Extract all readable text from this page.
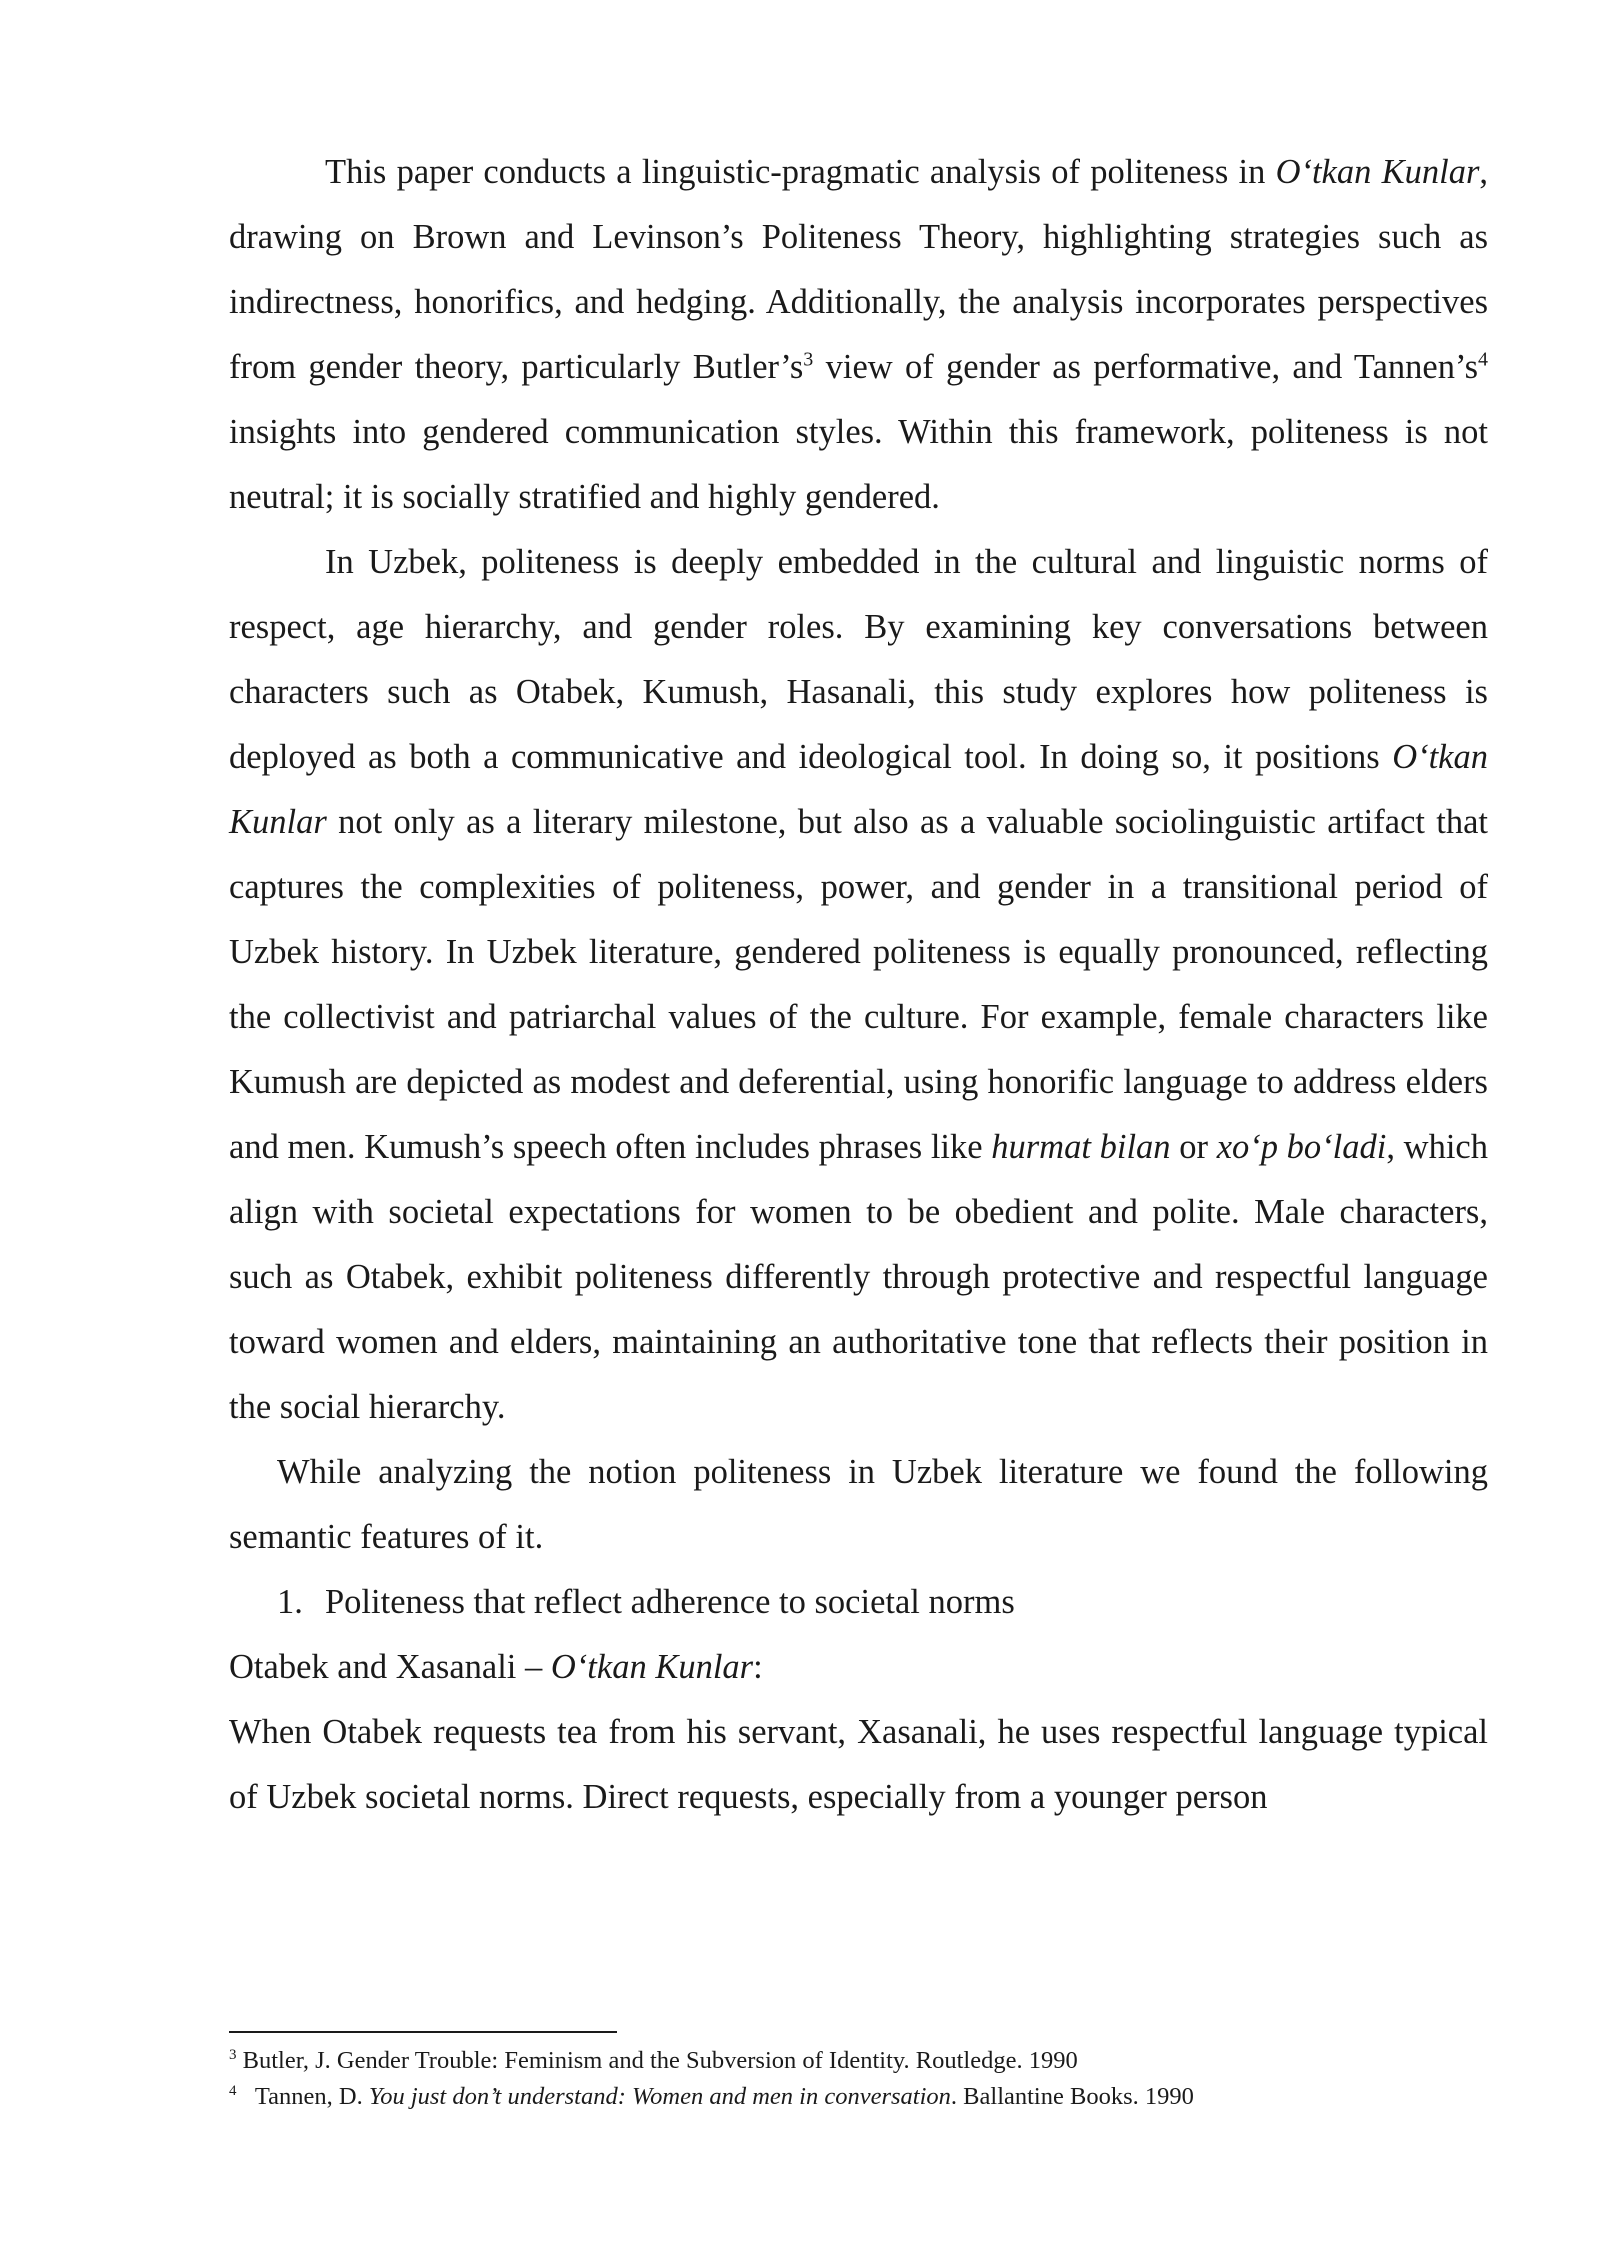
This paper conducts a linguistic-pragmatic analysis of politeness in O‘tkan Kunlar, drawing on Brown and Levinson’s Politeness Theory, highlighting strategies such as indirectness, honorifics, and hedging. Additionally, the analysis incorporates perspectives from gender theory, particularly Butler’s$^3$ view of gender as performative, and Tannen’s$^4$ insights into gendered communication styles. Within this framework, politeness is not neutral; it is socially stratified and highly gendered.

In Uzbek, politeness is deeply embedded in the cultural and linguistic norms of respect, age hierarchy, and gender roles. By examining key conversations between characters such as Otabek, Kumush, Hasanali, this study explores how politeness is deployed as both a communicative and ideological tool. In doing so, it positions O‘tkan Kunlar not only as a literary milestone, but also as a valuable sociolinguistic artifact that captures the complexities of politeness, power, and gender in a transitional period of Uzbek history. In Uzbek literature, gendered politeness is equally pronounced, reflecting the collectivist and patriarchal values of the culture. For example, female characters like Kumush are depicted as modest and deferential, using honorific language to address elders and men. Kumush’s speech often includes phrases like hurmat bilan or xo‘p bo‘ladi, which align with societal expectations for women to be obedient and polite. Male characters, such as Otabek, exhibit politeness differently through protective and respectful language toward women and elders, maintaining an authoritative tone that reflects their position in the social hierarchy.

While analyzing the notion politeness in Uzbek literature we found the following semantic features of it.

1. Politeness that reflect adherence to societal norms

Otabek and Xasanali – O‘tkan Kunlar:

When Otabek requests tea from his servant, Xasanali, he uses respectful language typical of Uzbek societal norms. Direct requests, especially from a younger person

$^3$ Butler, J. Gender Trouble: Feminism and the Subversion of Identity. Routledge. 1990

$^4$ Tannen, D. You just don’t understand: Women and men in conversation. Ballantine Books. 1990
